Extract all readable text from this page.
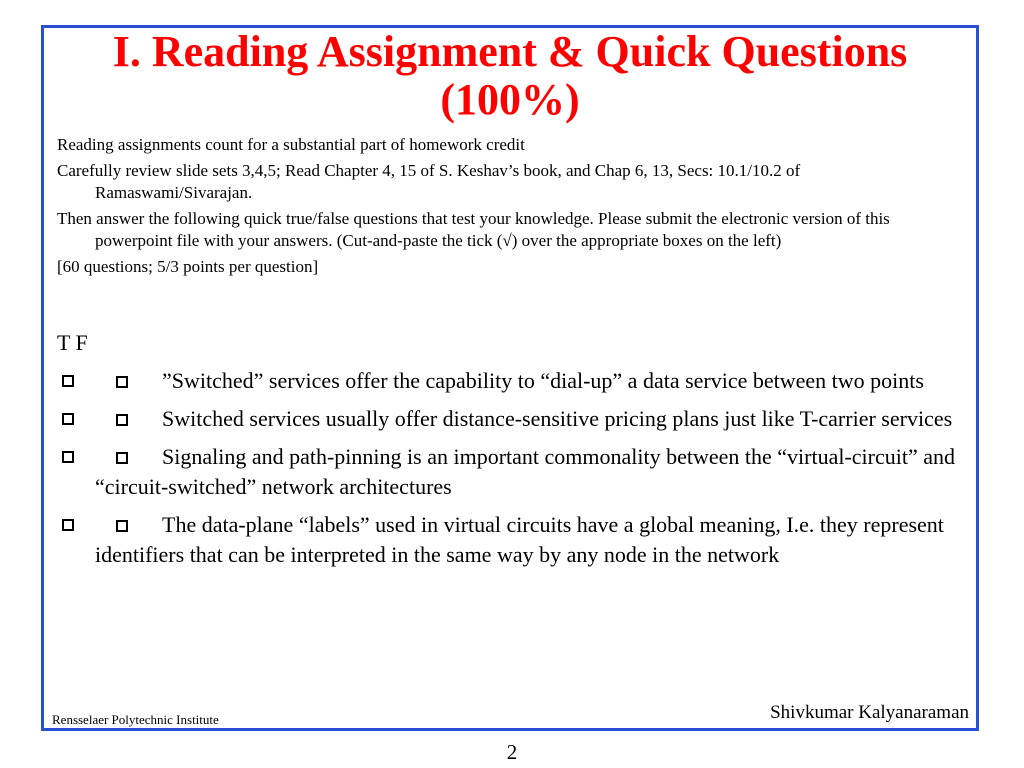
I. Reading Assignment & Quick Questions (100%)

Reading assignments count for a substantial part of homework credit

Carefully review slide sets 3,4,5; Read Chapter 4, 15 of S. Keshav’s book, and Chap 6, 13, Secs: 10.1/10.2 of Ramaswami/Sivarajan.

Then answer the following quick true/false questions that test your knowledge. Please submit the electronic version of this powerpoint file with your answers. (Cut-and-paste the tick (√) over the appropriate boxes on the left)

[60 questions; 5/3 points per question]

T F
”Switched” services offer the capability to “dial-up” a data service between two points
Switched services usually offer distance-sensitive pricing plans just like T-carrier services
Signaling and path-pinning is an important commonality between the “virtual-circuit” and “circuit-switched” network architectures
The data-plane “labels” used in virtual circuits have a global meaning, I.e. they represent identifiers that can be interpreted in the same way by any node in the network
Rensselaer Polytechnic Institute	Shivkumar Kalyanaraman
2
